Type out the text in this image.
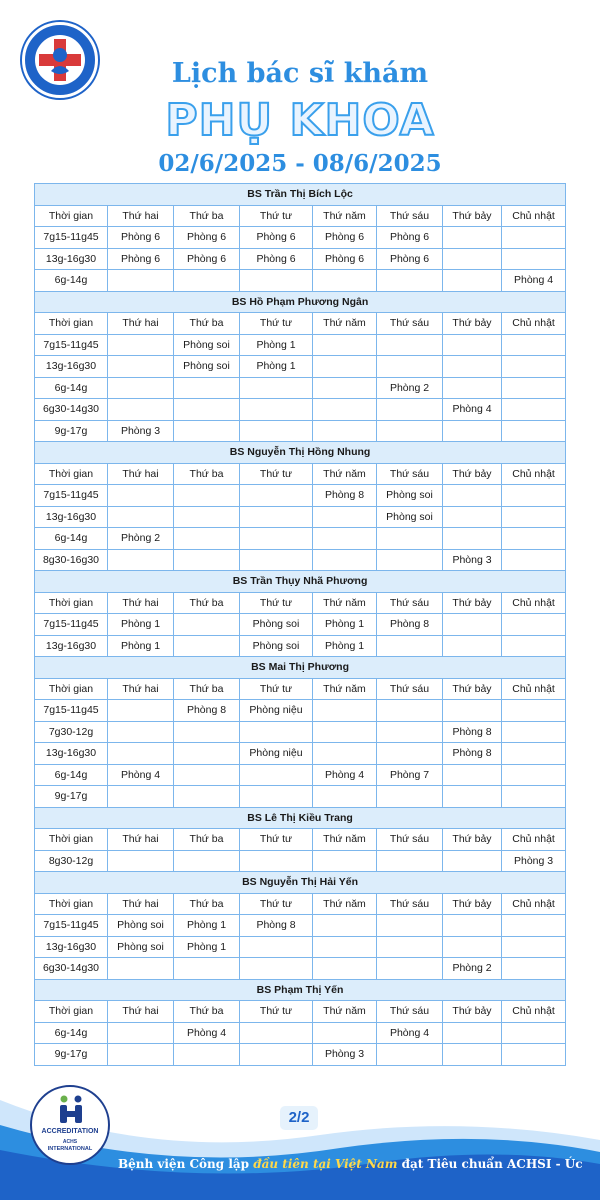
Lịch bác sĩ khám
PHỤ KHOA
02/6/2025 - 08/6/2025
BS Trần Thị Bích Lộc							
Thời gian	Thứ hai	Thứ ba	Thứ tư	Thứ năm	Thứ sáu	Thứ bảy	Chủ nhật
7g15-11g45	Phòng 6	Phòng 6	Phòng 6	Phòng 6	Phòng 6		
13g-16g30	Phòng 6	Phòng 6	Phòng 6	Phòng 6	Phòng 6		
6g-14g							Phòng 4
BS Hồ Phạm Phương Ngân							
Thời gian	Thứ hai	Thứ ba	Thứ tư	Thứ năm	Thứ sáu	Thứ bảy	Chủ nhật
7g15-11g45		Phòng soi	Phòng 1				
13g-16g30		Phòng soi	Phòng 1				
6g-14g					Phòng 2		
6g30-14g30						Phòng 4	
9g-17g	Phòng 3						
BS Nguyễn Thị Hồng Nhung							
Thời gian	Thứ hai	Thứ ba	Thứ tư	Thứ năm	Thứ sáu	Thứ bảy	Chủ nhật
7g15-11g45				Phòng 8	Phòng soi		
13g-16g30					Phòng soi		
6g-14g	Phòng 2						
8g30-16g30						Phòng 3	
BS Trần Thụy Nhã Phương							
Thời gian	Thứ hai	Thứ ba	Thứ tư	Thứ năm	Thứ sáu	Thứ bảy	Chủ nhật
7g15-11g45	Phòng 1		Phòng soi	Phòng 1	Phòng 8		
13g-16g30	Phòng 1		Phòng soi	Phòng 1			
BS Mai Thị Phương							
Thời gian	Thứ hai	Thứ ba	Thứ tư	Thứ năm	Thứ sáu	Thứ bảy	Chủ nhật
7g15-11g45		Phòng 8	Phòng niệu				
7g30-12g						Phòng 8	
13g-16g30			Phòng niệu			Phòng 8	
6g-14g	Phòng 4			Phòng 4	Phòng 7		
9g-17g							
BS Lê Thị Kiều Trang							
Thời gian	Thứ hai	Thứ ba	Thứ tư	Thứ năm	Thứ sáu	Thứ bảy	Chủ nhật
8g30-12g							Phòng 3
BS Nguyễn Thị Hải Yến							
Thời gian	Thứ hai	Thứ ba	Thứ tư	Thứ năm	Thứ sáu	Thứ bảy	Chủ nhật
7g15-11g45	Phòng soi	Phòng 1	Phòng 8				
13g-16g30	Phòng soi	Phòng 1					
6g30-14g30						Phòng 2	
BS Phạm Thị Yến							
Thời gian	Thứ hai	Thứ ba	Thứ tư	Thứ năm	Thứ sáu	Thứ bảy	Chủ nhật
6g-14g		Phòng 4			Phòng 4		
9g-17g				Phòng 3			
2/2
ACCREDITATION
ACHS
INTERNATIONAL
Bệnh viện Công lập đầu tiên tại Việt Nam đạt Tiêu chuẩn ACHSI - Úc
